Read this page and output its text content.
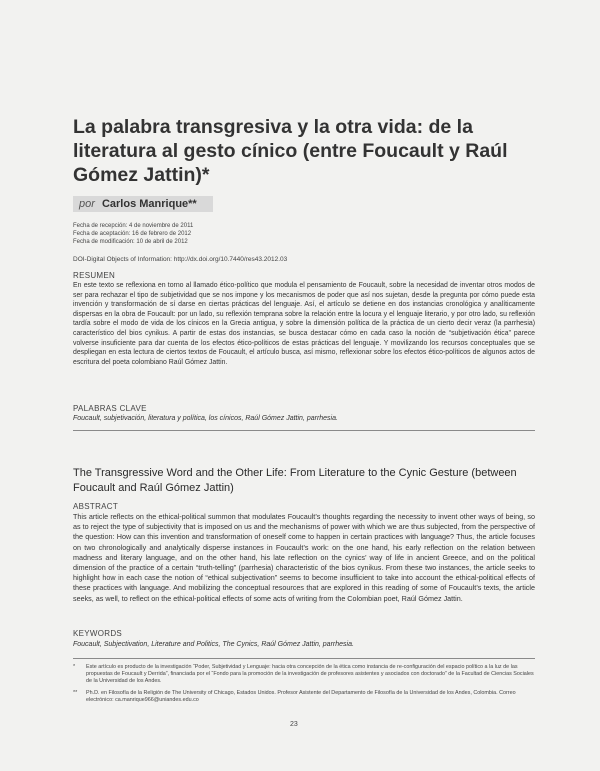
La palabra transgresiva y la otra vida: de la literatura al gesto cínico (entre Foucault y Raúl Gómez Jattin)*
por Carlos Manrique**
Fecha de recepción: 4 de noviembre de 2011
Fecha de aceptación: 16 de febrero de 2012
Fecha de modificación: 10 de abril de 2012
DOI-Digital Objects of Information: http://dx.doi.org/10.7440/res43.2012.03
RESUMEN
En este texto se reflexiona en torno al llamado ético-político que modula el pensamiento de Foucault, sobre la necesidad de inventar otros modos de ser para rechazar el tipo de subjetividad que se nos impone y los mecanismos de poder que así nos sujetan, desde la pregunta por cómo puede esta invención y transformación de sí darse en ciertas prácticas del lenguaje. Así, el artículo se detiene en dos instancias cronológica y analíticamente dispersas en la obra de Foucault: por un lado, su reflexión temprana sobre la relación entre la locura y el lenguaje literario, y por otro lado, su reflexión tardía sobre el modo de vida de los cínicos en la Grecia antigua, y sobre la dimensión política de la práctica de un cierto decir veraz (la parrhesia) característico del bios cynikus. A partir de estas dos instancias, se busca destacar cómo en cada caso la noción de “subjetivación ética” parece volverse insuficiente para dar cuenta de los efectos ético-políticos de estas prácticas del lenguaje. Y movilizando los recursos conceptuales que se despliegan en esta lectura de ciertos textos de Foucault, el artículo busca, así mismo, reflexionar sobre los efectos ético-políticos de algunos actos de escritura del poeta colombiano Raúl Gómez Jattin.
PALABRAS CLAVE
Foucault, subjetivación, literatura y política, los cínicos, Raúl Gómez Jattin, parrhesia.
The Transgressive Word and the Other Life: From Literature to the Cynic Gesture (between Foucault and Raúl Gómez Jattin)
ABSTRACT
This article reflects on the ethical-political summon that modulates Foucault’s thoughts regarding the necessity to invent other ways of being, so as to reject the type of subjectivity that is imposed on us and the mechanisms of power with which we are thus subjected, from the perspective of the question: How can this invention and transformation of oneself come to happen in certain practices with language? Thus, the article focuses on two chronologically and analytically disperse instances in Foucault’s work: on the one hand, his early reflection on the relation between madness and literary language, and on the other hand, his late reflection on the cynics’ way of life in ancient Greece, and on the political dimension of the practice of a certain “truth-telling” (parrhesia) characteristic of the bios cynikus. From these two instances, the article seeks to highlight how in each case the notion of “ethical subjectivation” seems to become insufficient to take into account the ethical-political effects of these practices with language. And mobilizing the conceptual resources that are explored in this reading of some of Foucault’s texts, the article seeks, as well, to reflect on the ethical-political effects of some acts of writing from the Colombian poet, Raúl Gómez Jattin.
KEYWORDS
Foucault, Subjectivation, Literature and Politics, The Cynics, Raúl Gómez Jattin, parrhesia.
* Este artículo es producto de la investigación “Poder, Subjetividad y Lenguaje: hacia otra concepción de la ética como instancia de re-configuración del espacio político a la luz de las propuestas de Foucault y Derrida”, financiada por el “Fondo para la promoción de la investigación de profesores asistentes y asociados con doctorado” de la Facultad de Ciencias Sociales de la Universidad de los Andes.
** Ph.D. en Filosofía de la Religión de The University of Chicago, Estados Unidos. Profesor Asistente del Departamento de Filosofía de la Universidad de los Andes, Colombia. Correo electrónico: ca.manrique966@uniandes.edu.co
23
